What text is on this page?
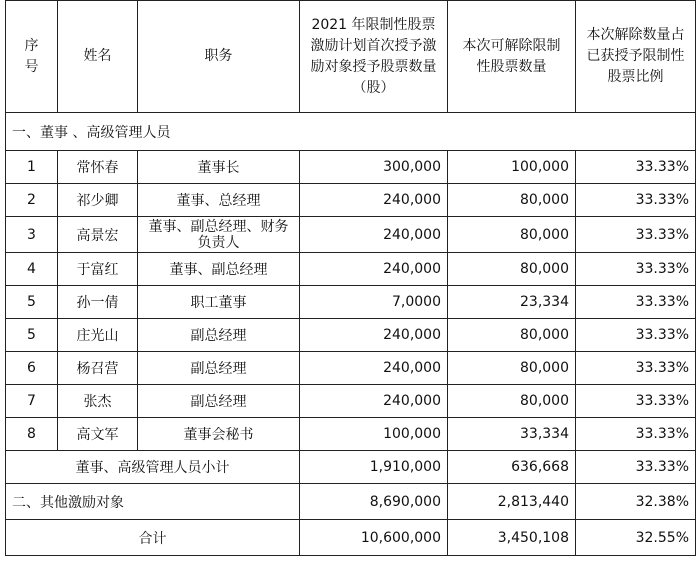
序号	姓名	职务	2021 年限制性股票激励计划首次授予激励对象授予股票数量（股）	本次可解除限制性股票数量	本次解除数量占已获授予限制性股票比例
一、董事 、高级管理人员					
1	常怀春	董事长	300,000	100,000	33.33%
2	祁少卿	董事、总经理	240,000	80,000	33.33%
3	高景宏	董事、副总经理、财务负责人	240,000	80,000	33.33%
4	于富红	董事、副总经理	240,000	80,000	33.33%
5	孙一倩	职工董事	7,0000	23,334	33.33%
5	庄光山	副总经理	240,000	80,000	33.33%
6	杨召营	副总经理	240,000	80,000	33.33%
7	张杰	副总经理	240,000	80,000	33.33%
8	高文军	董事会秘书	100,000	33,334	33.33%
董事、高级管理人员小计			1,910,000	636,668	33.33%
二、其他激励对象			8,690,000	2,813,440	32.38%
合计			10,600,000	3,450,108	32.55%
